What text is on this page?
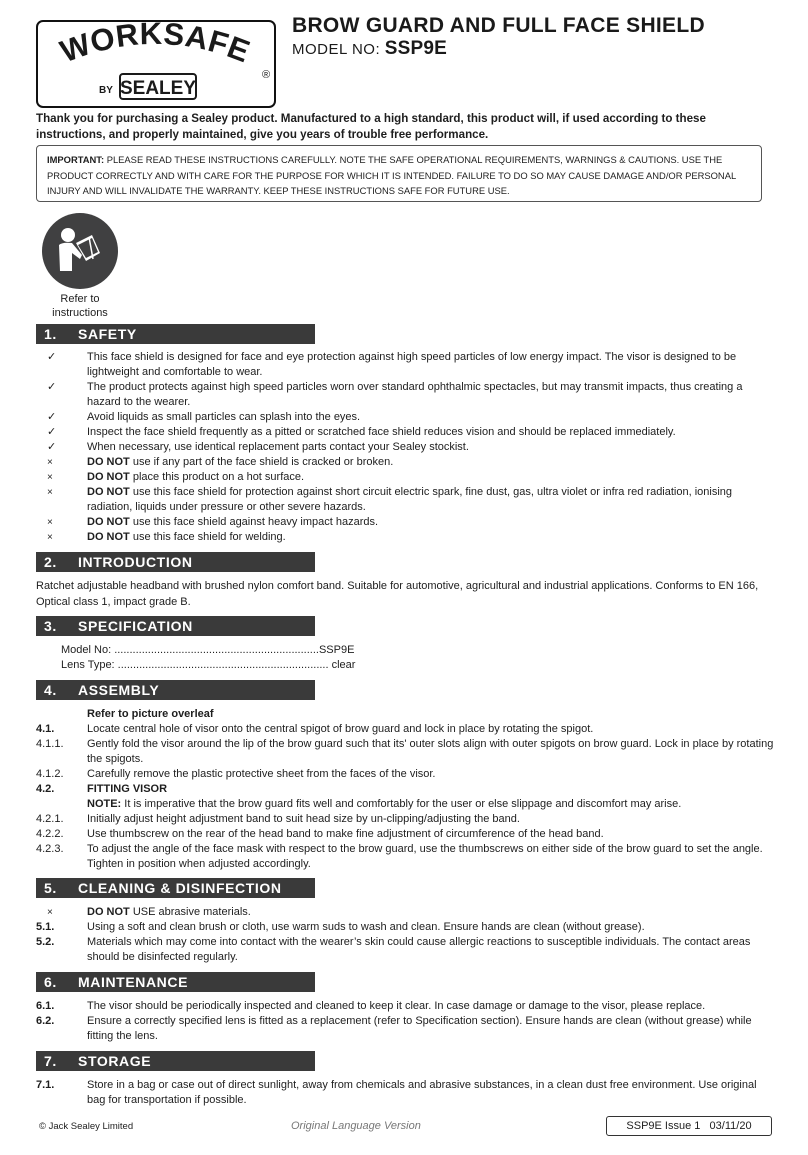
WORKSAFE
BY SEALEY
®
BROW GUARD AND FULL FACE SHIELD
MODEL NO: SSP9E
Thank you for purchasing a Sealey product. Manufactured to a high standard, this product will, if used according to these instructions, and properly maintained, give you years of trouble free performance.
IMPORTANT: PLEASE READ THESE INSTRUCTIONS CAREFULLY. NOTE THE SAFE OPERATIONAL REQUIREMENTS, WARNINGS & CAUTIONS. USE THE PRODUCT CORRECTLY AND WITH CARE FOR THE PURPOSE FOR WHICH IT IS INTENDED. FAILURE TO DO SO MAY CAUSE DAMAGE AND/OR PERSONAL INJURY AND WILL INVALIDATE THE WARRANTY. KEEP THESE INSTRUCTIONS SAFE FOR FUTURE USE.
Refer to
instructions
1. SAFETY
✓	This face shield is designed for face and eye protection against high speed particles of low energy impact. The visor is designed to be lightweight and comfortable to wear.
✓	The product protects against high speed particles worn over standard ophthalmic spectacles, but may transmit impacts, thus creating a hazard to the wearer.
✓	Avoid liquids as small particles can splash into the eyes.
✓	Inspect the face shield frequently as a pitted or scratched face shield reduces vision and should be replaced immediately.
✓	When necessary, use identical replacement parts contact your Sealey stockist.
×	DO NOT use if any part of the face shield is cracked or broken.
×	DO NOT place this product on a hot surface.
×	DO NOT use this face shield for protection against short circuit electric spark, fine dust, gas, ultra violet or infra red radiation, ionising radiation, liquids under pressure or other severe hazards.
×	DO NOT use this face shield against heavy impact hazards.
×	DO NOT use this face shield for welding.
2. INTRODUCTION
Ratchet adjustable headband with brushed nylon comfort band. Suitable for automotive, agricultural and industrial applications. Conforms to EN 166, Optical class 1, impact grade B.
3. SPECIFICATION
Model No: ...................................................................SSP9E
Lens Type: ..................................................................... clear
4. ASSEMBLY
Refer to picture overleaf
4.1.	Locate central hole of visor onto the central spigot of brow guard and lock in place by rotating the spigot.
4.1.1. Gently fold the visor around the lip of the brow guard such that its' outer slots align with outer spigots on brow guard. Lock in place by rotating the spigots.
4.1.2. Carefully remove the plastic protective sheet from the faces of the visor.
4.2.	FITTING VISOR
NOTE: It is imperative that the brow guard fits well and comfortably for the user or else slippage and discomfort may arise.
4.2.1. Initially adjust height adjustment band to suit head size by un-clipping/adjusting the band.
4.2.2. Use thumbscrew on the rear of the head band to make fine adjustment of circumference of the head band.
4.2.3. To adjust the angle of the face mask with respect to the brow guard, use the thumbscrews on either side of the brow guard to set the angle. Tighten in position when adjusted accordingly.
5. CLEANING & DISINFECTION
×	DO NOT USE abrasive materials.
5.1.	Using a soft and clean brush or cloth, use warm suds to wash and clean. Ensure hands are clean (without grease).
5.2.	Materials which may come into contact with the wearer’s skin could cause allergic reactions to susceptible individuals. The contact areas should be disinfected regularly.
6. MAINTENANCE
6.1.	The visor should be periodically inspected and cleaned to keep it clear. In case damage or damage to the visor, please replace.
6.2.	Ensure a correctly specified lens is fitted as a replacement (refer to Specification section). Ensure hands are clean (without grease) while fitting the lens.
7. STORAGE
7.1.	Store in a bag or case out of direct sunlight, away from chemicals and abrasive substances, in a clean dust free environment. Use original bag for transportation if possible.
© Jack Sealey Limited	Original Language Version	SSP9E Issue 1   03/11/20
